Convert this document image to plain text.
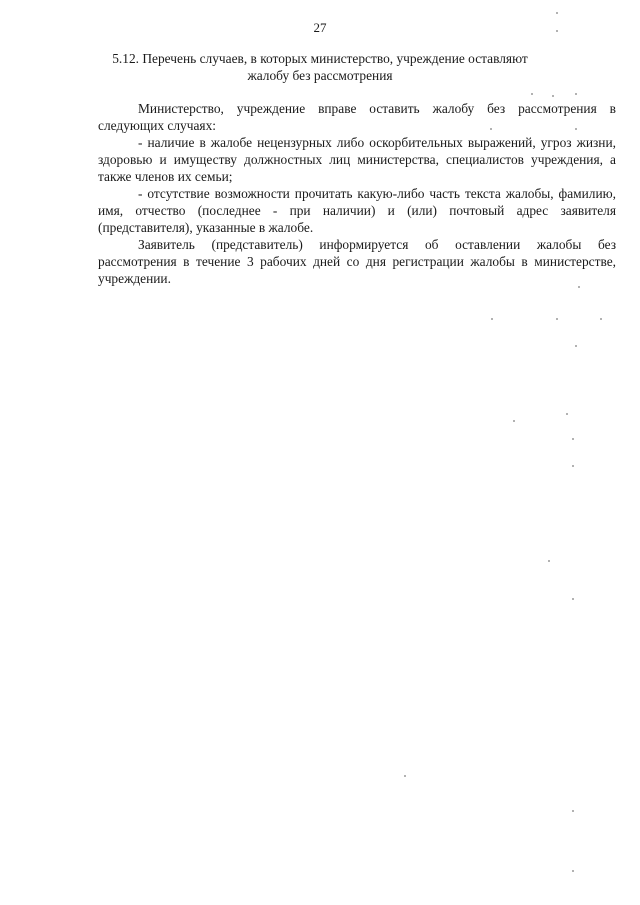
27
5.12. Перечень случаев, в которых министерство, учреждение оставляют
жалобу без рассмотрения

Министерство, учреждение вправе оставить жалобу без рассмотрения в следующих случаях:

- наличие в жалобе нецензурных либо оскорбительных выражений, угроз жизни, здоровью и имуществу должностных лиц министерства, специалистов учреждения, а также членов их семьи;

- отсутствие возможности прочитать какую-либо часть текста жалобы, фамилию, имя, отчество (последнее - при наличии) и (или) почтовый адрес заявителя (представителя), указанные в жалобе.

Заявитель (представитель) информируется об оставлении жалобы без рассмотрения в течение 3 рабочих дней со дня регистрации жалобы в министерстве, учреждении.
